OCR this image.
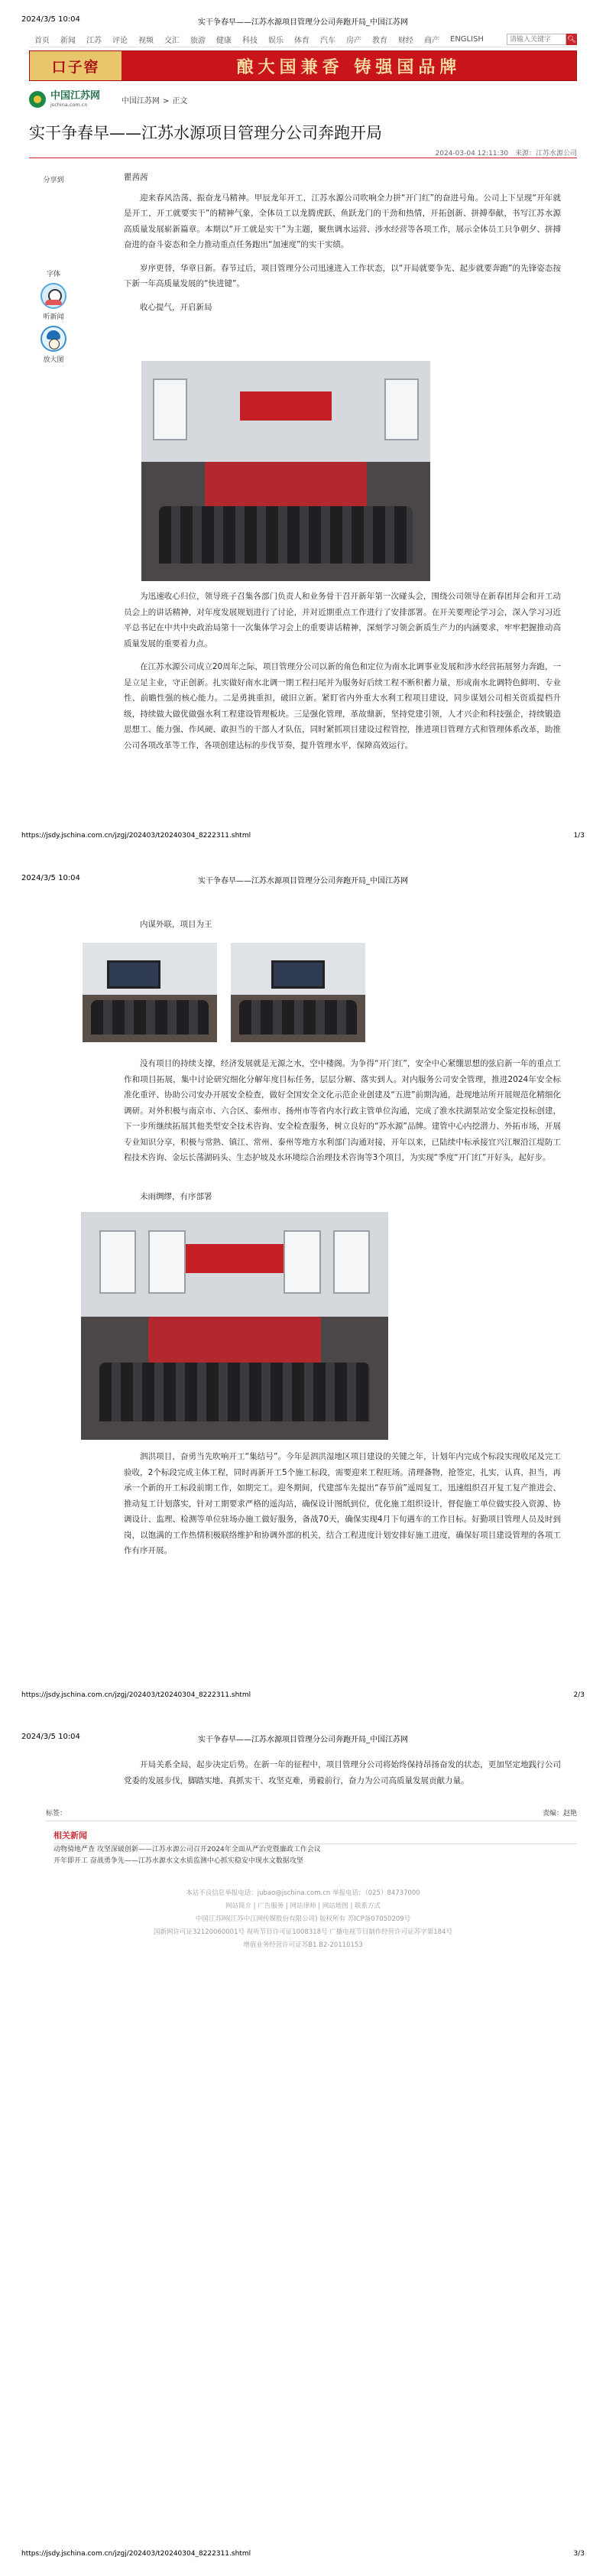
2024/3/5 10:04	实干争春早——江苏水源项目管理分公司奔跑开局_中国江苏网
首页	新闻	江苏	评论	视频	交汇	旅游	健康	科技	娱乐	体育	汽车	房产	教育	财经	商产	ENGLISH
请输入关键字	🔍︎
口子窖	酿大国兼香 铸强国品牌
中国江苏网
jschina.com.cn	中国江苏网 > 正文
实干争春早——江苏水源项目管理分公司奔跑开局
2024-03-04 12:11:30 来源：江苏水源公司
分享到
字体
听新闻
放大图

瞿茜茜

迎来春风浩荡、振奋龙马精神。甲辰龙年开工，江苏水源公司吹响全力拼“开门红”的奋进号角。公司上下呈现“开年就是开工，开工就要实干”的精神气象，全体员工以龙腾虎跃、鱼跃龙门的干劲和热情，开拓创新、拼搏奉献，书写江苏水源高质量发展崭新篇章。本期以“开工就是实干”为主题，聚焦调水运营、涉水经营等各项工作，展示全体员工只争朝夕、拼搏奋进的奋斗姿态和全力推动重点任务跑出“加速度”的实干实绩。

岁序更替，华章日新。春节过后，项目管理分公司迅速进入工作状态，以“开局就要争先、起步就要奔跑”的先锋姿态按下新一年高质量发展的“快进键”。

收心提气，开启新局

为迅速收心归位，领导班子召集各部门负责人和业务骨干召开新年第一次碰头会，围绕公司领导在新春团拜会和开工动员会上的讲话精神，对年度发展规划进行了讨论，并对近期重点工作进行了安排部署。在开关要理论学习会，深入学习习近平总书记在中共中央政治局第十一次集体学习会上的重要讲话精神，深刻学习领会新质生产力的内涵要求，牢牢把握推动高质量发展的重要着力点。

在江苏水源公司成立20周年之际，项目管理分公司以新的角色和定位为南水北调事业发展和涉水经营拓展努力奔跑，一是立足主业，守正创新。扎实做好南水北调一期工程扫尾并为服务好后续工程不断积蓄力量，形成南水北调特色鲜明、专业性、前瞻性强的核心能力。二是勇挑重担，破旧立新。紧盯省内外重大水利工程项目建设，同步谋划公司相关资质提档升级，持续做大做优做强水利工程建设管理板块。三是强化管理，革故鼎新，坚持党建引领，人才兴企和科技强企，持续锻造思想工、能力强、作风硬、敢担当的干部人才队伍，同时紧抓项目建设过程管控，推进项目管理方式和管理体系改革，助推公司各项改革等工作，各项创建达标的步伐节奏，提升管理水平，保障高效运行。

https://jsdy.jschina.com.cn/jzgj/202403/t20240304_8222311.shtml	1/3
2024/3/5 10:04	实干争春早——江苏水源项目管理分公司奔跑开局_中国江苏网

内谋外联，项目为王

没有项目的持续支撑，经济发展就是无源之水，空中楼阁。为争得“开门红”，安全中心紧绷思想的弦启新一年的重点工作和项目拓展，集中讨论研究细化分解年度目标任务，层层分解、落实到人。对内服务公司安全管理，推进2024年安全标准化重评、协助公司安办开展安全检查，做好全国安全文化示范企业创建及“五进”前期沟通，赴现地站所开展规范化精细化调研。对外积极与南京市、六合区、泰州市、扬州市等省内水行政主管单位沟通，完成了淮水扶湖泵站安全鉴定投标创建，下一步所继续拓展其他类型安全技术咨询、安全检查服务，树立良好的“苏水源”品牌。建管中心内挖潜力、外拓市场，开展专业知识分享，积极与常熟、镇江、常州、泰州等地方水利部门沟通对接，开年以来，已陆续中标承接宜兴江堰沿江堤防工程技术咨询、金坛长荡湖码头、生态护坡及水环境综合治理技术咨询等3个项目，为实现“季度“开门红”开好头，起好步。

未雨绸缪，有序部署

泗洪项目，奋勇当先吹响开工“集结号”。今年是泗洪湿地区项目建设的关键之年，计划年内完成个标段实现收尾及完工验收，2个标段完成主体工程，同时再新开工5个施工标段，需要迎来工程旺场。清理备物，抢签定，扎实，认真，担当，再承一个新的开工标段前期工作，如期完工。迎冬期间，代建部车先提出“春节前”遥周复工，迅速组织召开复工复产推进会、推动复工计划落实，针对工期要求严格的遥沟站，确保设计图纸到位，优化施工组织设计，督促施工单位做实投入资源、协调设计、监理、检测等单位驻场办施工做好服务，备战70天，确保实现4月下旬遇车的工作目标。好勤项目管理人员及时到岗，以饱满的工作热情积极联络维护和协调外部的机关，结合工程进度计划安排好施工进度，确保好项目建设管理的各项工作有序开展。

https://jsdy.jschina.com.cn/jzgj/202403/t20240304_8222311.shtml	2/3
2024/3/5 10:04	实干争春早——江苏水源项目管理分公司奔跑开局_中国江苏网

开局关系全局，起步决定后势。在新一年的征程中，项目管理分公司将始终保持昂扬奋发的状态，更加坚定地践行公司党委的发展步伐，脚踏实地、真抓实干、攻坚克难，勇毅前行，奋力为公司高质量发展贡献力量。

标签：	责编：赵艳
相关新闻
动物骑地严查 攻坚深破创新——江苏水源公司召开2024年全面从严治党暨廉政工作会议
开年即开工 奋战勇争先——江苏水源水文水质监测中心抓实稳安中现水文数据攻坚
本站不良信息举报电话：jubao@jschina.com.cn 举报电话：（025）84737000
网站简介 | 广告服务 | 网站律师 | 网站地图 | 联系方式
中国江苏网(江苏中江网传媒股份有限公司) 版权所有 苏ICP备07050209号
国新网许可证32120060001号 视听节目许可证1008318号 广播电视节目制作经营许可证苏字第184号
增值业务经营许可证苏B1.B2-20110153
https://jsdy.jschina.com.cn/jzgj/202403/t20240304_8222311.shtml	3/3
